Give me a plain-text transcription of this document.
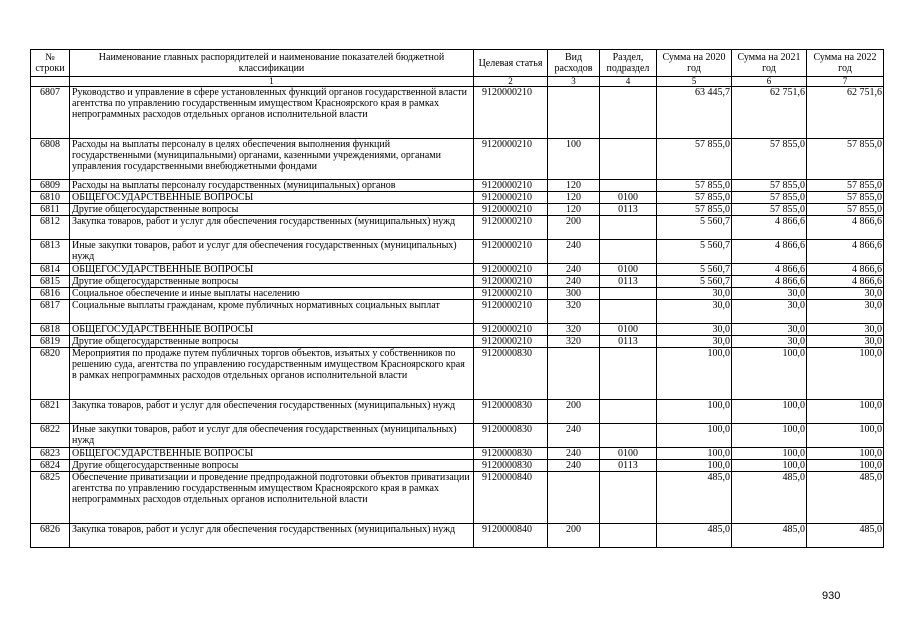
№
строки	Наименование главных распорядителей и наименование показателей бюджетной классификации	Целевая статья	Вид расходов	Раздел, подраздел	Сумма на 2020 год	Сумма на 2021 год	Сумма на 2022 год
	1	2	3	4	5	6	7
6807	Руководство и управление в сфере установленных функций органов государственной власти агентства по управлению государственным имуществом Красноярского края в рамках непрограммных расходов отдельных органов исполнительной власти	9120000210			63 445,7	62 751,6	62 751,6
6808	Расходы на выплаты персоналу в целях обеспечения выполнения функций государственными (муниципальными) органами, казенными учреждениями, органами управления государственными внебюджетными фондами	9120000210	100		57 855,0	57 855,0	57 855,0
6809	Расходы на выплаты персоналу государственных (муниципальных) органов	9120000210	120		57 855,0	57 855,0	57 855,0
6810	ОБЩЕГОСУДАРСТВЕННЫЕ ВОПРОСЫ	9120000210	120	0100	57 855,0	57 855,0	57 855,0
6811	Другие общегосударственные вопросы	9120000210	120	0113	57 855,0	57 855,0	57 855,0
6812	Закупка товаров, работ и услуг для обеспечения государственных (муниципальных) нужд	9120000210	200		5 560,7	4 866,6	4 866,6
6813	Иные закупки товаров, работ и услуг для обеспечения государственных (муниципальных) нужд	9120000210	240		5 560,7	4 866,6	4 866,6
6814	ОБЩЕГОСУДАРСТВЕННЫЕ ВОПРОСЫ	9120000210	240	0100	5 560,7	4 866,6	4 866,6
6815	Другие общегосударственные вопросы	9120000210	240	0113	5 560,7	4 866,6	4 866,6
6816	Социальное обеспечение и иные выплаты населению	9120000210	300		30,0	30,0	30,0
6817	Социальные выплаты гражданам, кроме публичных нормативных социальных выплат	9120000210	320		30,0	30,0	30,0
6818	ОБЩЕГОСУДАРСТВЕННЫЕ ВОПРОСЫ	9120000210	320	0100	30,0	30,0	30,0
6819	Другие общегосударственные вопросы	9120000210	320	0113	30,0	30,0	30,0
6820	Мероприятия по продаже путем публичных торгов объектов, изъятых у собственников по решению суда, агентства по управлению государственным имуществом Красноярского края в рамках непрограммных расходов отдельных органов исполнительной власти	9120000830			100,0	100,0	100,0
6821	Закупка товаров, работ и услуг для обеспечения государственных (муниципальных) нужд	9120000830	200		100,0	100,0	100,0
6822	Иные закупки товаров, работ и услуг для обеспечения государственных (муниципальных) нужд	9120000830	240		100,0	100,0	100,0
6823	ОБЩЕГОСУДАРСТВЕННЫЕ ВОПРОСЫ	9120000830	240	0100	100,0	100,0	100,0
6824	Другие общегосударственные вопросы	9120000830	240	0113	100,0	100,0	100,0
6825	Обеспечение приватизации и проведение предпродажной подготовки объектов приватизации агентства по управлению государственным имуществом Красноярского края в рамках непрограммных расходов отдельных органов исполнительной власти	9120000840			485,0	485,0	485,0
6826	Закупка товаров, работ и услуг для обеспечения государственных (муниципальных) нужд	9120000840	200		485,0	485,0	485,0
930
